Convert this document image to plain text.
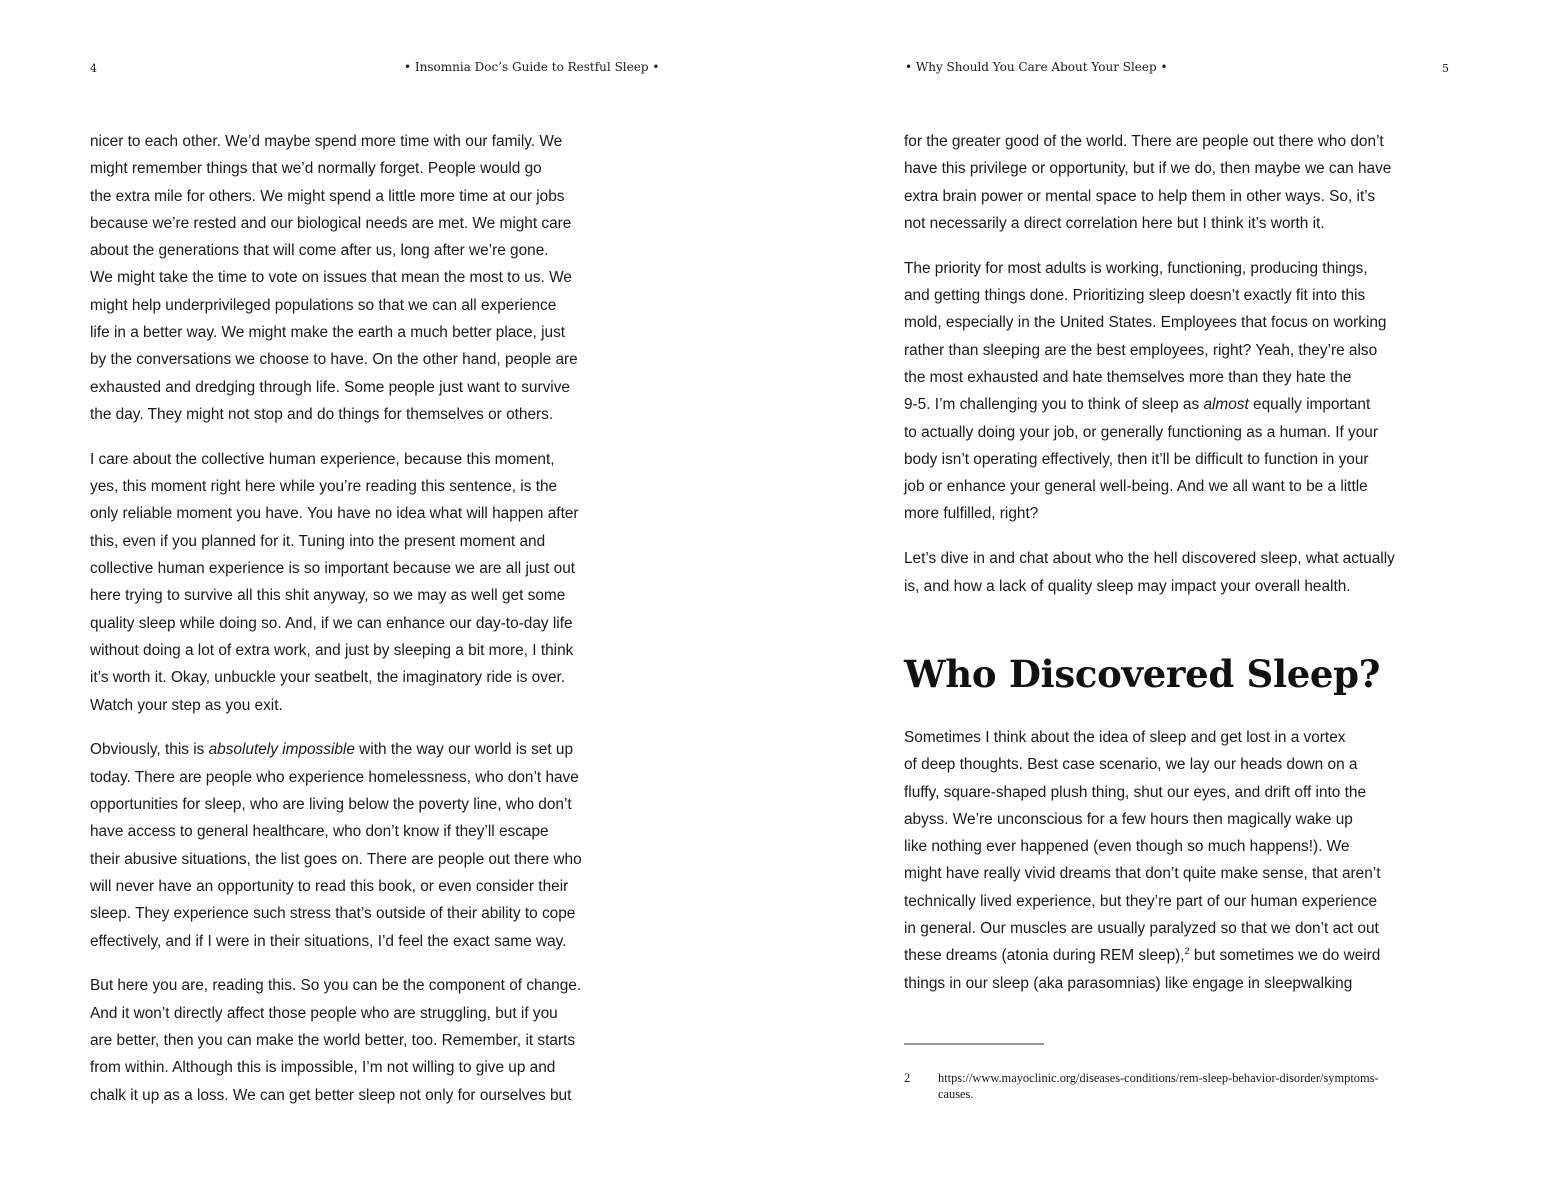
4	• Insomnia Doc’s Guide to Restful Sleep •
nicer to each other. We’d maybe spend more time with our family. We
might remember things that we’d normally forget. People would go
the extra mile for others. We might spend a little more time at our jobs
because we’re rested and our biological needs are met. We might care
about the generations that will come after us, long after we’re gone.
We might take the time to vote on issues that mean the most to us. We
might help underprivileged populations so that we can all experience
life in a better way. We might make the earth a much better place, just
by the conversations we choose to have. On the other hand, people are
exhausted and dredging through life. Some people just want to survive
the day. They might not stop and do things for themselves or others.
I care about the collective human experience, because this moment,
yes, this moment right here while you’re reading this sentence, is the
only reliable moment you have. You have no idea what will happen after
this, even if you planned for it. Tuning into the present moment and
collective human experience is so important because we are all just out
here trying to survive all this shit anyway, so we may as well get some
quality sleep while doing so. And, if we can enhance our day-to-day life
without doing a lot of extra work, and just by sleeping a bit more, I think
it’s worth it. Okay, unbuckle your seatbelt, the imaginatory ride is over.
Watch your step as you exit.
Obviously, this is absolutely impossible with the way our world is set up
today. There are people who experience homelessness, who don’t have
opportunities for sleep, who are living below the poverty line, who don’t
have access to general healthcare, who don’t know if they’ll escape
their abusive situations, the list goes on. There are people out there who
will never have an opportunity to read this book, or even consider their
sleep. They experience such stress that’s outside of their ability to cope
effectively, and if I were in their situations, I’d feel the exact same way.
But here you are, reading this. So you can be the component of change.
And it won’t directly affect those people who are struggling, but if you
are better, then you can make the world better, too. Remember, it starts
from within. Although this is impossible, I’m not willing to give up and
chalk it up as a loss. We can get better sleep not only for ourselves but
• Why Should You Care About Your Sleep •	5
for the greater good of the world. There are people out there who don’t
have this privilege or opportunity, but if we do, then maybe we can have
extra brain power or mental space to help them in other ways. So, it’s
not necessarily a direct correlation here but I think it’s worth it.
The priority for most adults is working, functioning, producing things,
and getting things done. Prioritizing sleep doesn’t exactly fit into this
mold, especially in the United States. Employees that focus on working
rather than sleeping are the best employees, right? Yeah, they’re also
the most exhausted and hate themselves more than they hate the
9-5. I’m challenging you to think of sleep as almost equally important
to actually doing your job, or generally functioning as a human. If your
body isn’t operating effectively, then it’ll be difficult to function in your
job or enhance your general well-being. And we all want to be a little
more fulfilled, right?
Let’s dive in and chat about who the hell discovered sleep, what actually
is, and how a lack of quality sleep may impact your overall health.
Who Discovered Sleep?
Sometimes I think about the idea of sleep and get lost in a vortex
of deep thoughts. Best case scenario, we lay our heads down on a
fluffy, square-shaped plush thing, shut our eyes, and drift off into the
abyss. We’re unconscious for a few hours then magically wake up
like nothing ever happened (even though so much happens!). We
might have really vivid dreams that don’t quite make sense, that aren’t
technically lived experience, but they’re part of our human experience
in general. Our muscles are usually paralyzed so that we don’t act out
these dreams (atonia during REM sleep),$^2$ but sometimes we do weird
things in our sleep (aka parasomnias) like engage in sleepwalking
2 https://www.mayoclinic.org/diseases-conditions/rem-sleep-behavior-disorder/symptoms-
causes.
